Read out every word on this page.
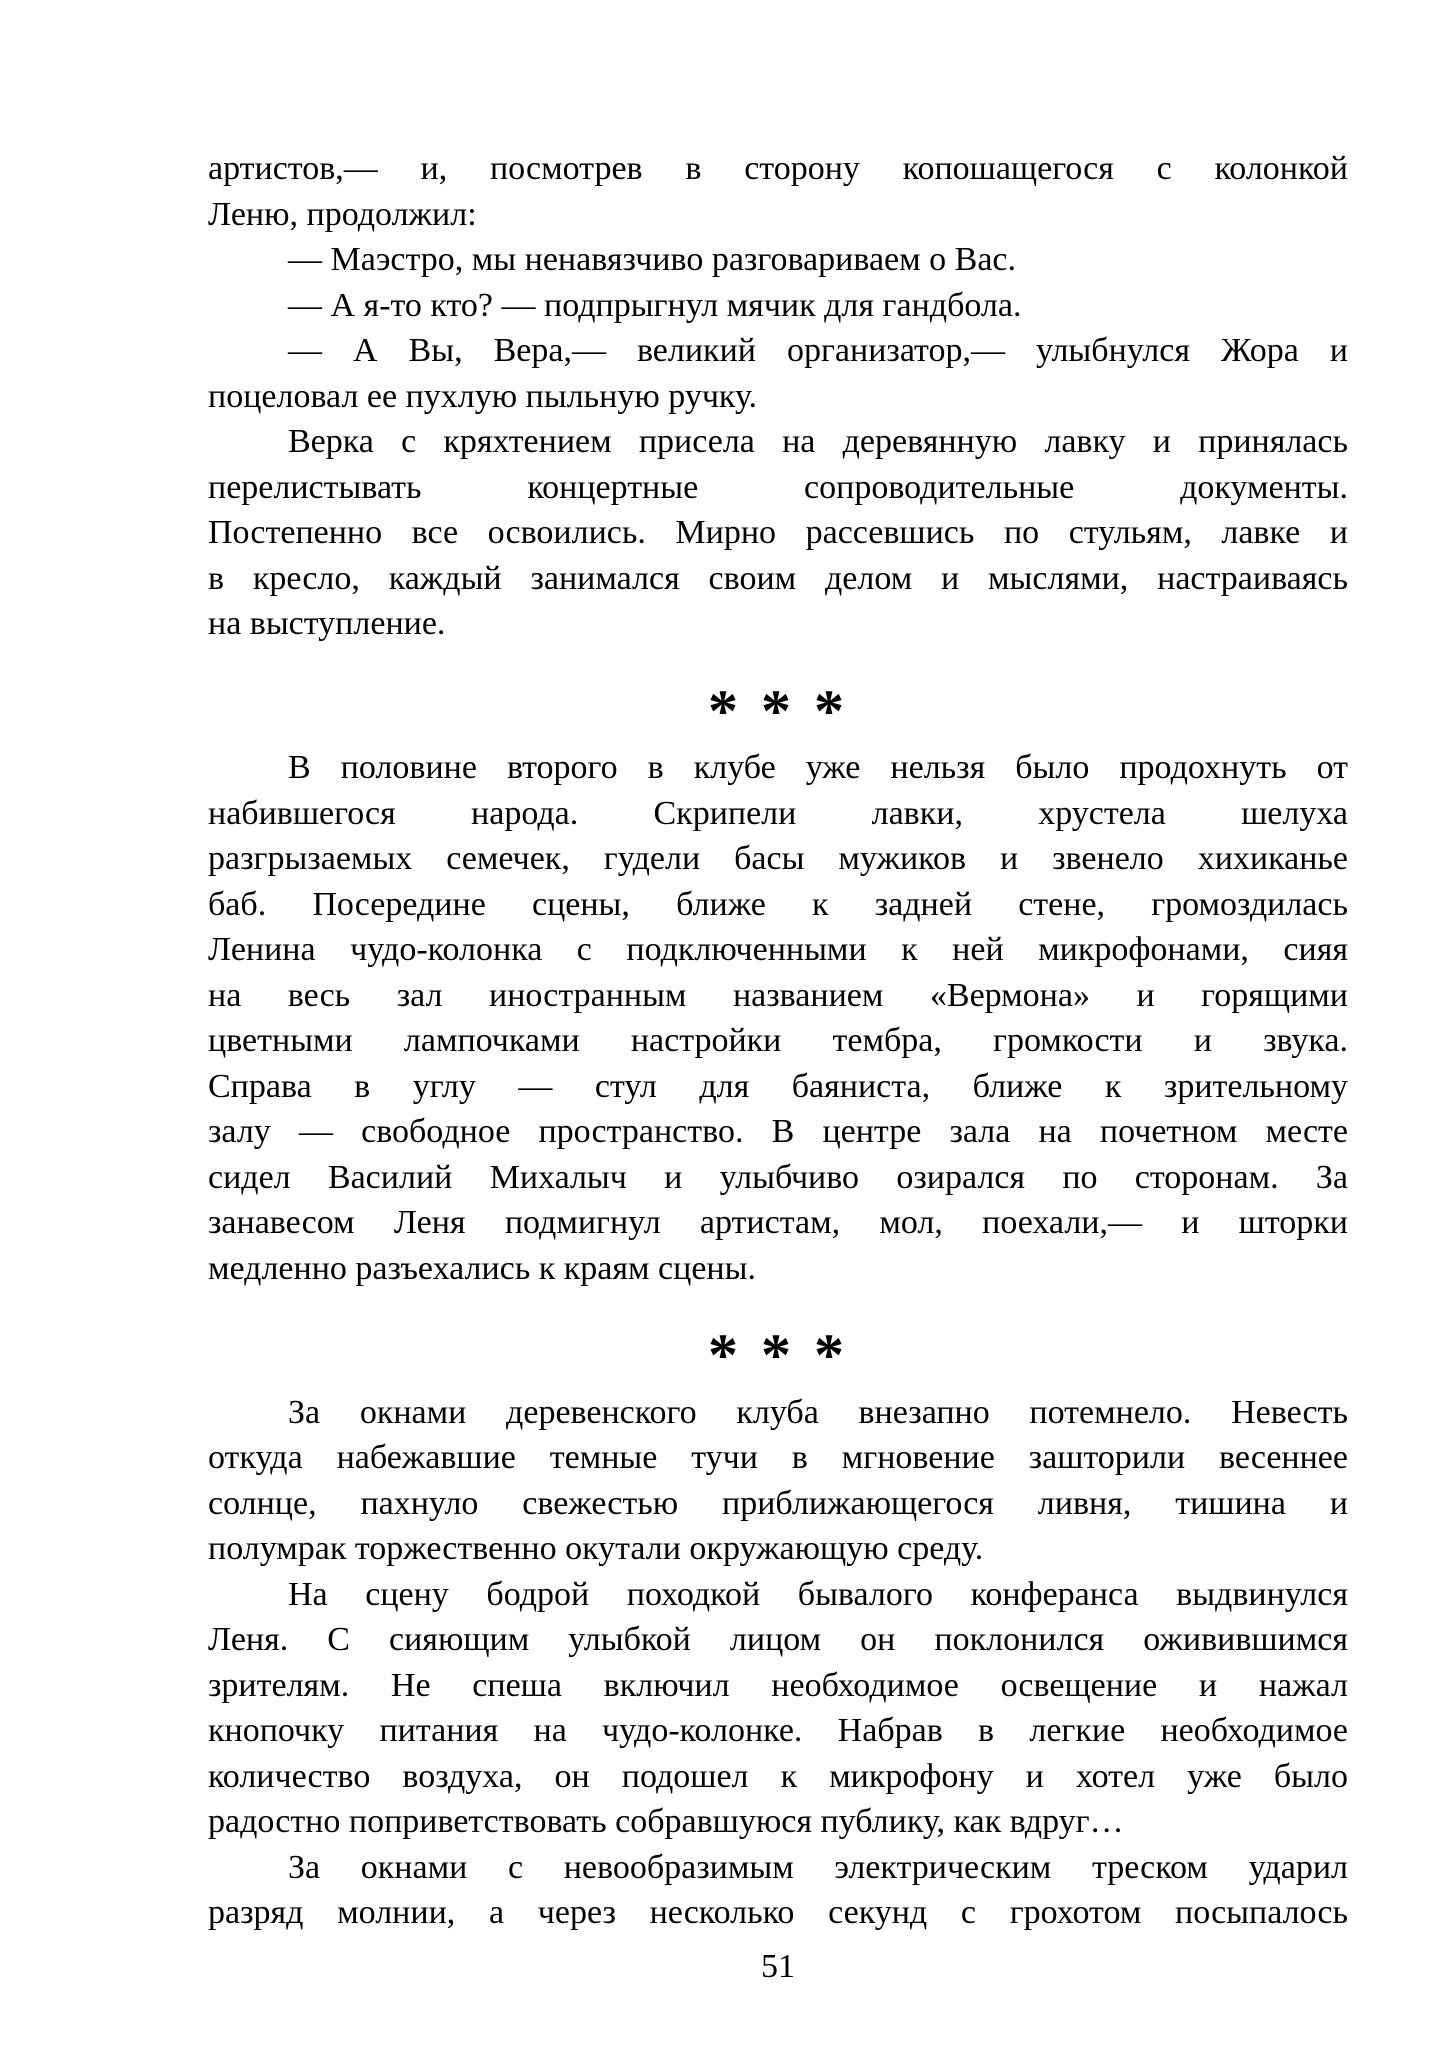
артистов,— и, посмотрев в сторону копошащегося с колонкой
Леню, продолжил:
— Маэстро, мы ненавязчиво разговариваем о Вас.
— А я-то кто? — подпрыгнул мячик для гандбола.
— А Вы, Вера,— великий организатор,— улыбнулся Жора и
поцеловал ее пухлую пыльную ручку.
Верка с кряхтением присела на деревянную лавку и принялась
перелистывать концертные сопроводительные документы.
Постепенно все освоились. Мирно рассевшись по стульям, лавке и
в кресло, каждый занимался своим делом и мыслями, настраиваясь
на выступление.
* * *
В половине второго в клубе уже нельзя было продохнуть от
набившегося народа. Скрипели лавки, хрустела шелуха
разгрызаемых семечек, гудели басы мужиков и звенело хихиканье
баб. Посередине сцены, ближе к задней стене, громоздилась
Ленина чудо-колонка с подключенными к ней микрофонами, сияя
на весь зал иностранным названием «Вермона» и горящими
цветными лампочками настройки тембра, громкости и звука.
Справа в углу — стул для баяниста, ближе к зрительному
залу — свободное пространство. В центре зала на почетном месте
сидел Василий Михалыч и улыбчиво озирался по сторонам. За
занавесом Леня подмигнул артистам, мол, поехали,— и шторки
медленно разъехались к краям сцены.
* * *
За окнами деревенского клуба внезапно потемнело. Невесть
откуда набежавшие темные тучи в мгновение зашторили весеннее
солнце, пахнуло свежестью приближающегося ливня, тишина и
полумрак торжественно окутали окружающую среду.
На сцену бодрой походкой бывалого конферанса выдвинулся
Леня. С сияющим улыбкой лицом он поклонился оживившимся
зрителям. Не спеша включил необходимое освещение и нажал
кнопочку питания на чудо-колонке. Набрав в легкие необходимое
количество воздуха, он подошел к микрофону и хотел уже было
радостно поприветствовать собравшуюся публику, как вдруг…
За окнами с невообразимым электрическим треском ударил
разряд молнии, а через несколько секунд с грохотом посыпалось
51
